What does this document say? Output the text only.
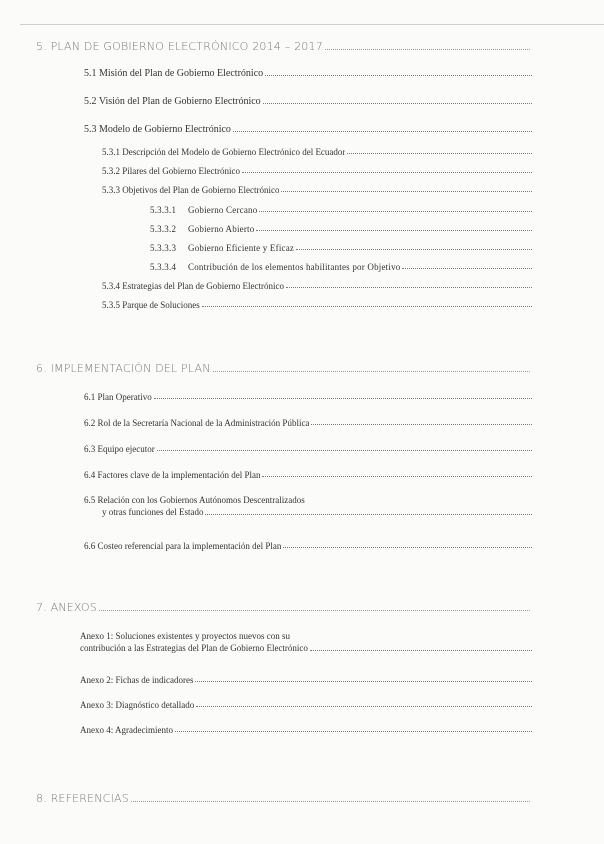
5. PLAN DE GOBIERNO ELECTRÓNICO 2014 – 2017
5.1 Misión del Plan de Gobierno Electrónico
5.2 Visión del Plan de Gobierno Electrónico
5.3 Modelo de Gobierno Electrónico
5.3.1 Descripción del Modelo de Gobierno Electrónico del Ecuador
5.3.2 Pilares del Gobierno Electrónico
5.3.3 Objetivos del Plan de Gobierno Electrónico
5.3.3.1	Gobierno Cercano
5.3.3.2	Gobierno Abierto
5.3.3.3	Gobierno Eficiente y Eficaz
5.3.3.4	Contribución de los elementos habilitantes por Objetivo
5.3.4 Estrategias del Plan de Gobierno Electrónico
5.3.5 Parque de Soluciones
6. IMPLEMENTACIÓN DEL PLAN
6.1 Plan Operativo
6.2 Rol de la Secretaría Nacional de la Administración Pública
6.3 Equipo ejecutor
6.4 Factores clave de la implementación del Plan
6.5 Relación con los Gobiernos Autónomos Descentralizados
y otras funciones del Estado
6.6 Costeo referencial para la implementación del Plan
7. ANEXOS
Anexo 1: Soluciones existentes y proyectos nuevos con su
contribución a las Estrategias del Plan de Gobierno Electrónico
Anexo 2: Fichas de indicadores
Anexo 3: Diagnóstico detallado
Anexo 4: Agradecimiento
8. REFERENCIAS
